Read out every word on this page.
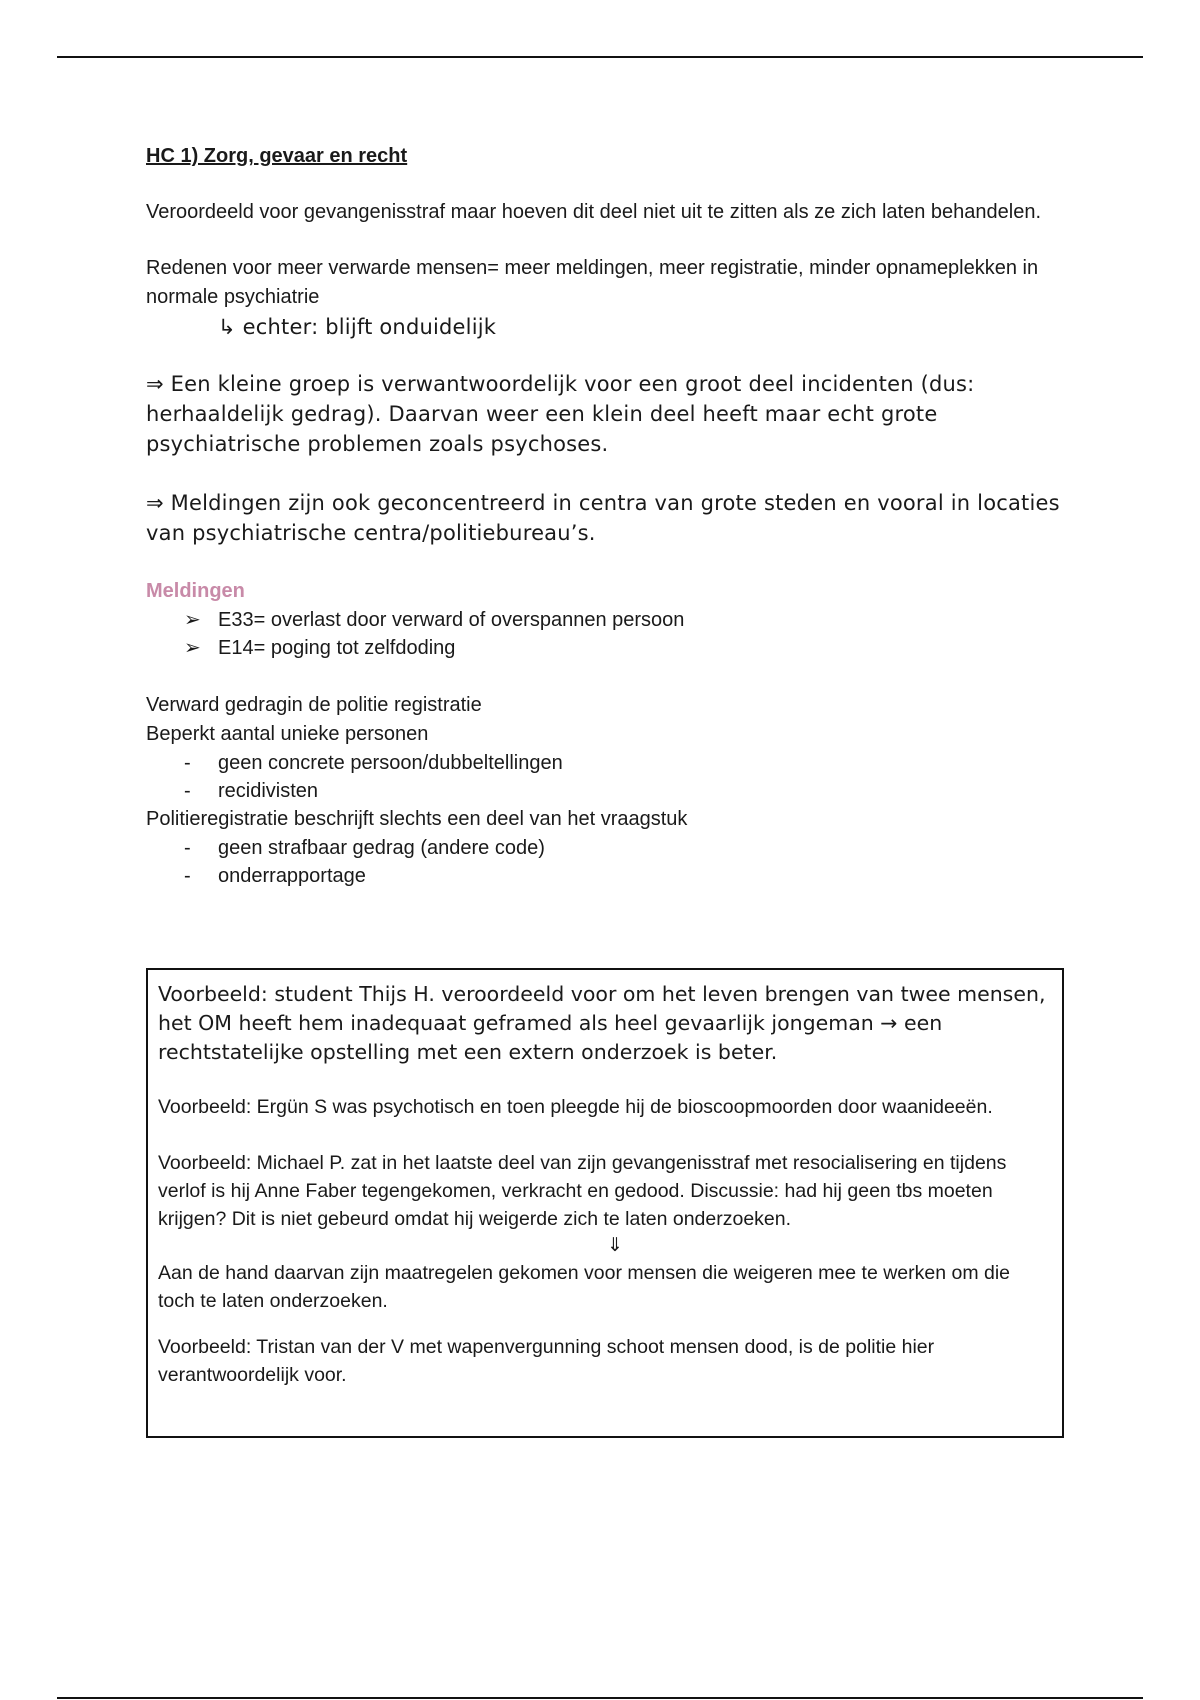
HC 1) Zorg, gevaar en recht

Veroordeeld voor gevangenisstraf maar hoeven dit deel niet uit te zitten als ze zich laten behandelen.

Redenen voor meer verwarde mensen= meer meldingen, meer registratie, minder opnameplekken in normale psychiatrie

↳ echter: blijft onduidelijk

⇒ Een kleine groep is verwantwoordelijk voor een groot deel incidenten (dus: herhaaldelijk gedrag). Daarvan weer een klein deel heeft maar echt grote psychiatrische problemen zoals psychoses.

⇒ Meldingen zijn ook geconcentreerd in centra van grote steden en vooral in locaties van psychiatrische centra/politiebureau’s.

Meldingen
➢ E33= overlast door verward of overspannen persoon
➢ E14= poging tot zelfdoding

Verward gedragin de politie registratie

Beperkt aantal unieke personen

- geen concrete persoon/dubbeltellingen
- recidivisten

Politieregistratie beschrijft slechts een deel van het vraagstuk

- geen strafbaar gedrag (andere code)
- onderrapportage

Voorbeeld: student Thijs H. veroordeeld voor om het leven brengen van twee mensen, het OM heeft hem inadequaat geframed als heel gevaarlijk jongeman → een rechtstatelijke opstelling met een extern onderzoek is beter.

Voorbeeld: Ergün S was psychotisch en toen pleegde hij de bioscoopmoorden door waanideeën.

Voorbeeld: Michael P. zat in het laatste deel van zijn gevangenisstraf met resocialisering en tijdens verlof is hij Anne Faber tegengekomen, verkracht en gedood. Discussie: had hij geen tbs moeten krijgen? Dit is niet gebeurd omdat hij weigerde zich te laten onderzoeken.

⇓

Aan de hand daarvan zijn maatregelen gekomen voor mensen die weigeren mee te werken om die toch te laten onderzoeken.

Voorbeeld: Tristan van der V met wapenvergunning schoot mensen dood, is de politie hier verantwoordelijk voor.
